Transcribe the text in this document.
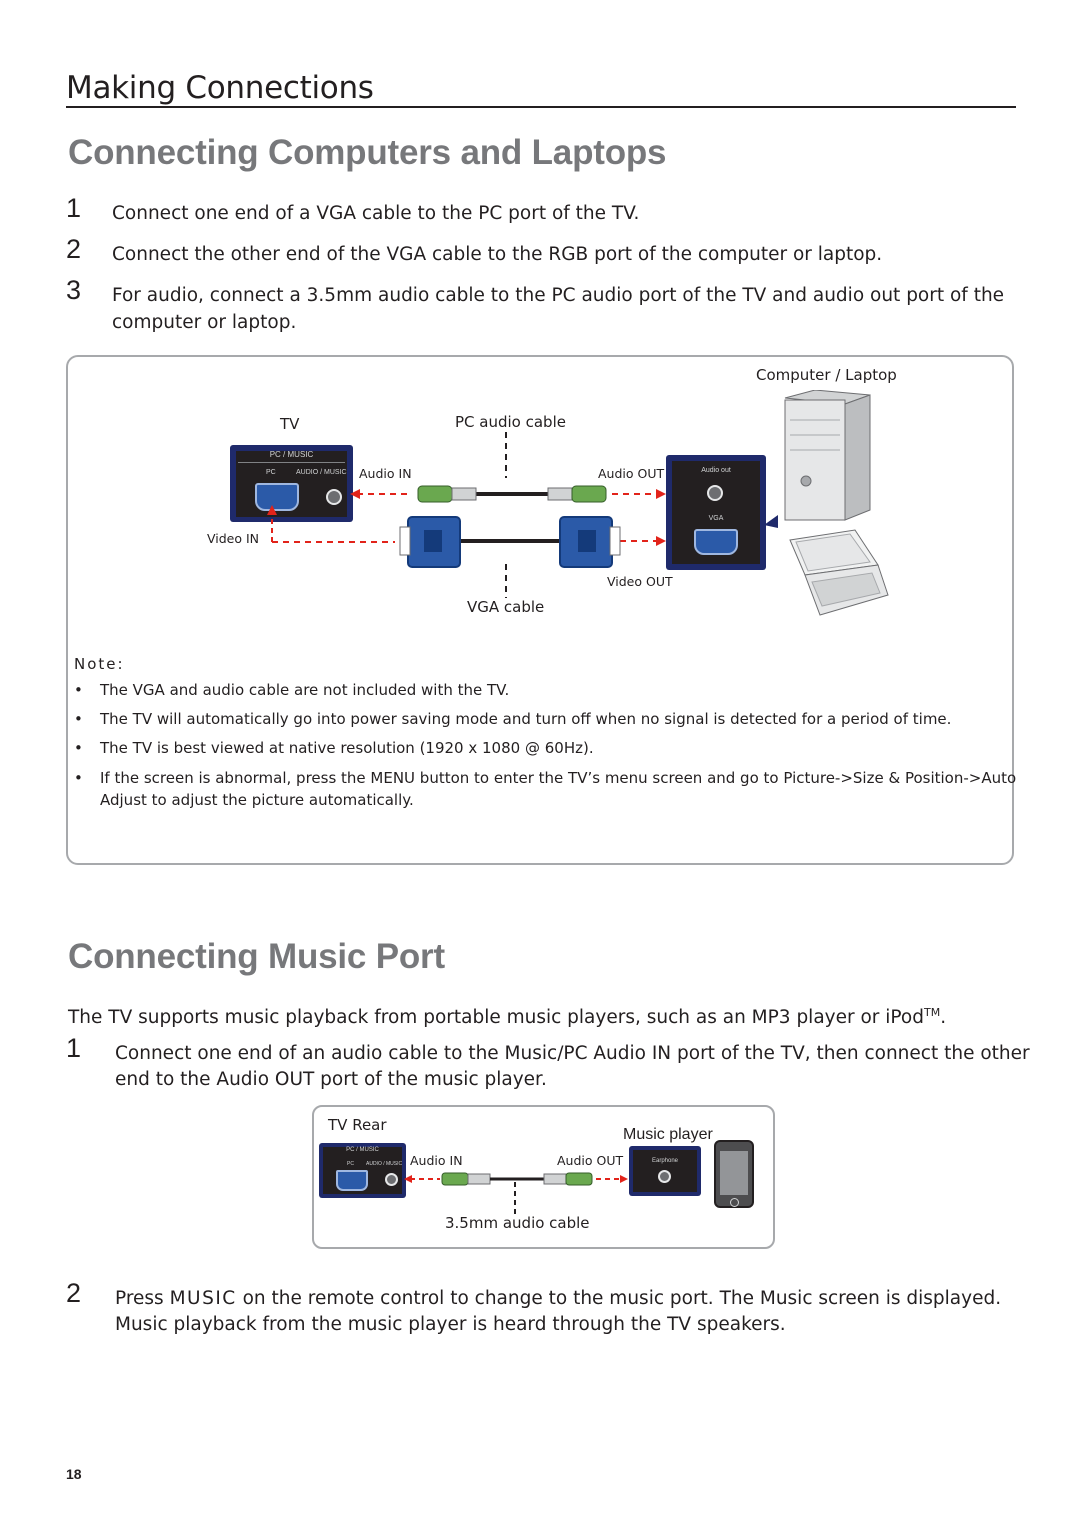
Making Connections
Connecting Computers and Laptops
1 Connect one end of a VGA cable to the PC port of the TV.
2 Connect the other end of the VGA cable to the RGB port of the computer or laptop.
3 For audio, connect a 3.5mm audio cable to the PC audio port of the TV and audio out port of the
computer or laptop.
Computer / Laptop
TV	PC audio cable
PC / MUSIC
PC	AUDIO / MUSIC Audio IN	Audio OUT
Video IN
Video OUT
VGA cable
Audio out
VGA
Note:
• The VGA and audio cable are not included with the TV.
• The TV will automatically go into power saving mode and turn off when no signal is detected for a period of time.
• The TV is best viewed at native resolution (1920 x 1080 @ 60Hz).
• If the screen is abnormal, press the MENU button to enter the TV’s menu screen and go to Picture->Size & Position->Auto
Adjust to adjust the picture automatically.
Connecting Music Port
The TV supports music playback from portable music players, such as an MP3 player or iPod™.
1 Connect one end of an audio cable to the Music/PC Audio IN port of the TV, then connect the other
end to the Audio OUT port of the music player.
TV Rear
Music player
PC / MUSIC
PC AUDIO / MUSIC Audio IN	Audio OUT	Earphone
3.5mm audio cable
2 Press MUSIC on the remote control to change to the music port. The Music screen is displayed.
Music playback from the music player is heard through the TV speakers.
18
